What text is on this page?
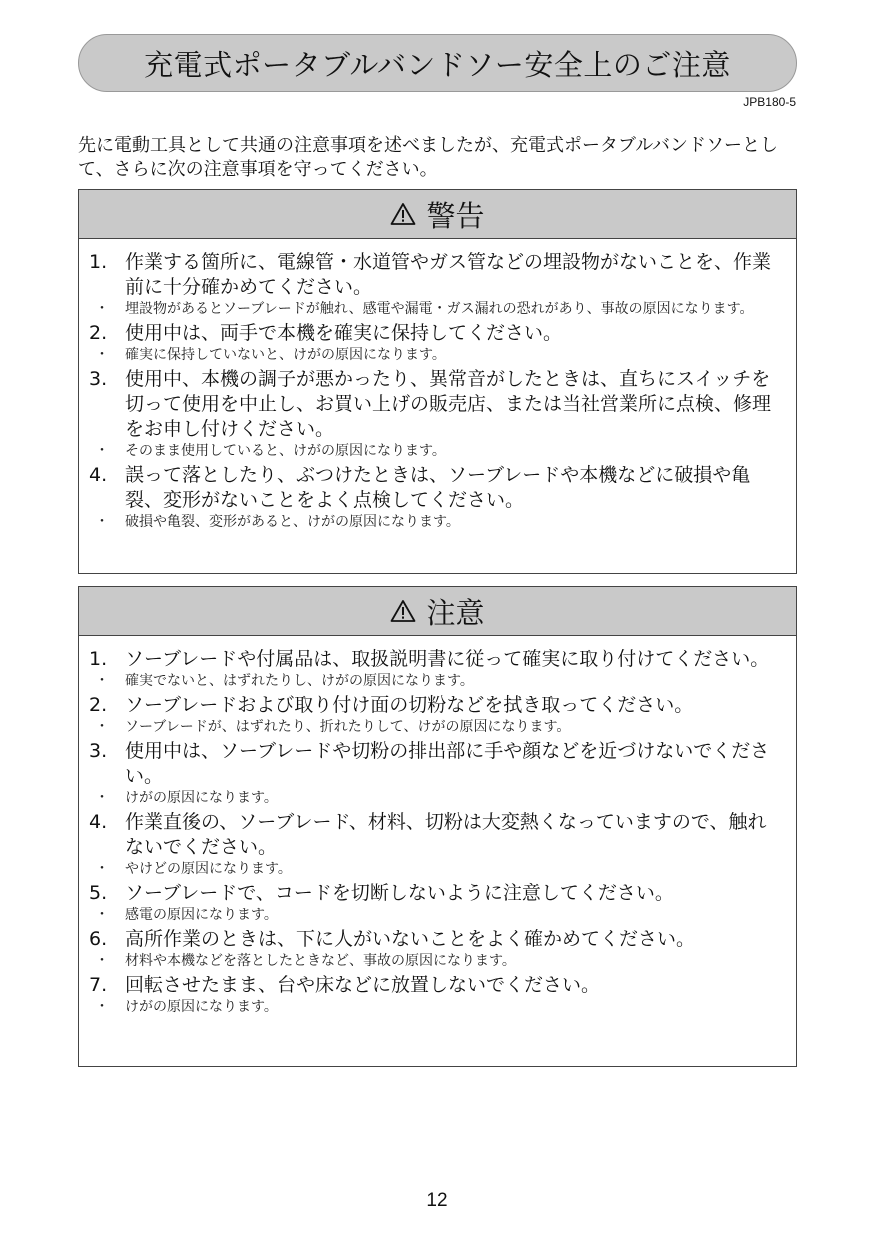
充電式ポータブルバンドソー安全上のご注意
JPB180-5

先に電動工具として共通の注意事項を述べましたが、充電式ポータブルバンドソーとして、さらに次の注意事項を守ってください。

警告
1. 作業する箇所に、電線管・水道管やガス管などの埋設物がないことを、作業前に十分確かめてください。
・	埋設物があるとソーブレードが触れ、感電や漏電・ガス漏れの恐れがあり、事故の原因になります。
2. 使用中は、両手で本機を確実に保持してください。
・	確実に保持していないと、けがの原因になります。
3. 使用中、本機の調子が悪かったり、異常音がしたときは、直ちにスイッチを切って使用を中止し、お買い上げの販売店、または当社営業所に点検、修理をお申し付けください。
・	そのまま使用していると、けがの原因になります。
4. 誤って落としたり、ぶつけたときは、ソーブレードや本機などに破損や亀裂、変形がないことをよく点検してください。
・	破損や亀裂、変形があると、けがの原因になります。
注意
1. ソーブレードや付属品は、取扱説明書に従って確実に取り付けてください。
・	確実でないと、はずれたりし、けがの原因になります。
2. ソーブレードおよび取り付け面の切粉などを拭き取ってください。
・	ソーブレードが、はずれたり、折れたりして、けがの原因になります。
3. 使用中は、ソーブレードや切粉の排出部に手や顔などを近づけないでください。
・	けがの原因になります。
4. 作業直後の、ソーブレード、材料、切粉は大変熱くなっていますので、触れないでください。
・	やけどの原因になります。
5. ソーブレードで、コードを切断しないように注意してください。
・	感電の原因になります。
6. 高所作業のときは、下に人がいないことをよく確かめてください。
・	材料や本機などを落としたときなど、事故の原因になります。
7. 回転させたまま、台や床などに放置しないでください。
・	けがの原因になります。
12
